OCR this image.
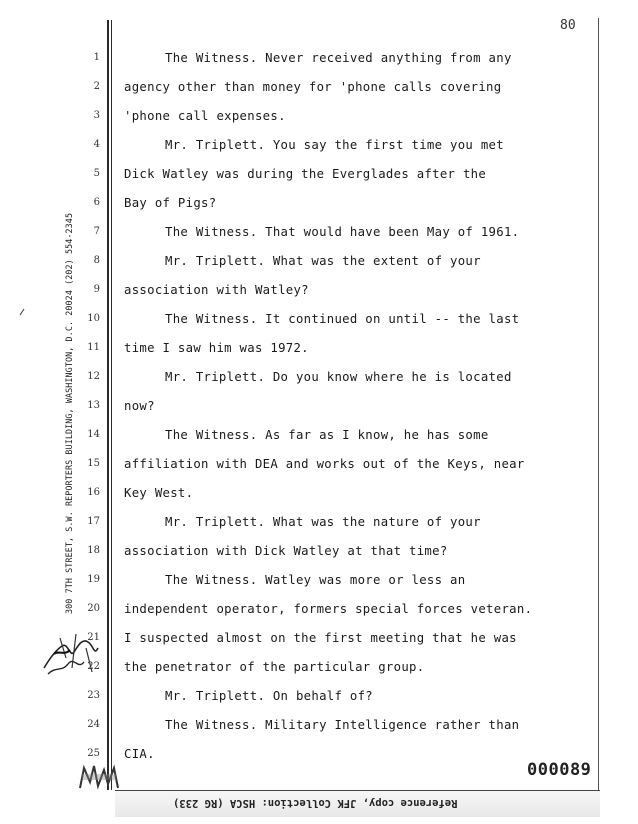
80
300 7TH STREET, S.W. REPORTERS BUILDING, WASHINGTON, D.C. 20024 (202) 554-2345
1
2
3
4
5
6
7
8
9
10
11
12
13
14
15
16
17
18
19
20
21
22
23
24
25
The Witness. Never received anything from any
agency other than money for 'phone calls covering
'phone call expenses.
Mr. Triplett. You say the first time you met
Dick Watley was during the Everglades after the
Bay of Pigs?
The Witness. That would have been May of 1961.
Mr. Triplett. What was the extent of your
association with Watley?
The Witness. It continued on until -- the last
time I saw him was 1972.
Mr. Triplett. Do you know where he is located
now?
The Witness. As far as I know, he has some
affiliation with DEA and works out of the Keys, near
Key West.
Mr. Triplett. What was the nature of your
association with Dick Watley at that time?
The Witness. Watley was more or less an
independent operator, formers special forces veteran.
I suspected almost on the first meeting that he was
the penetrator of the particular group.
Mr. Triplett. On behalf of?
The Witness. Military Intelligence rather than
CIA.
000089
Reference copy, JFK Collection: HSCA (RG 233)
